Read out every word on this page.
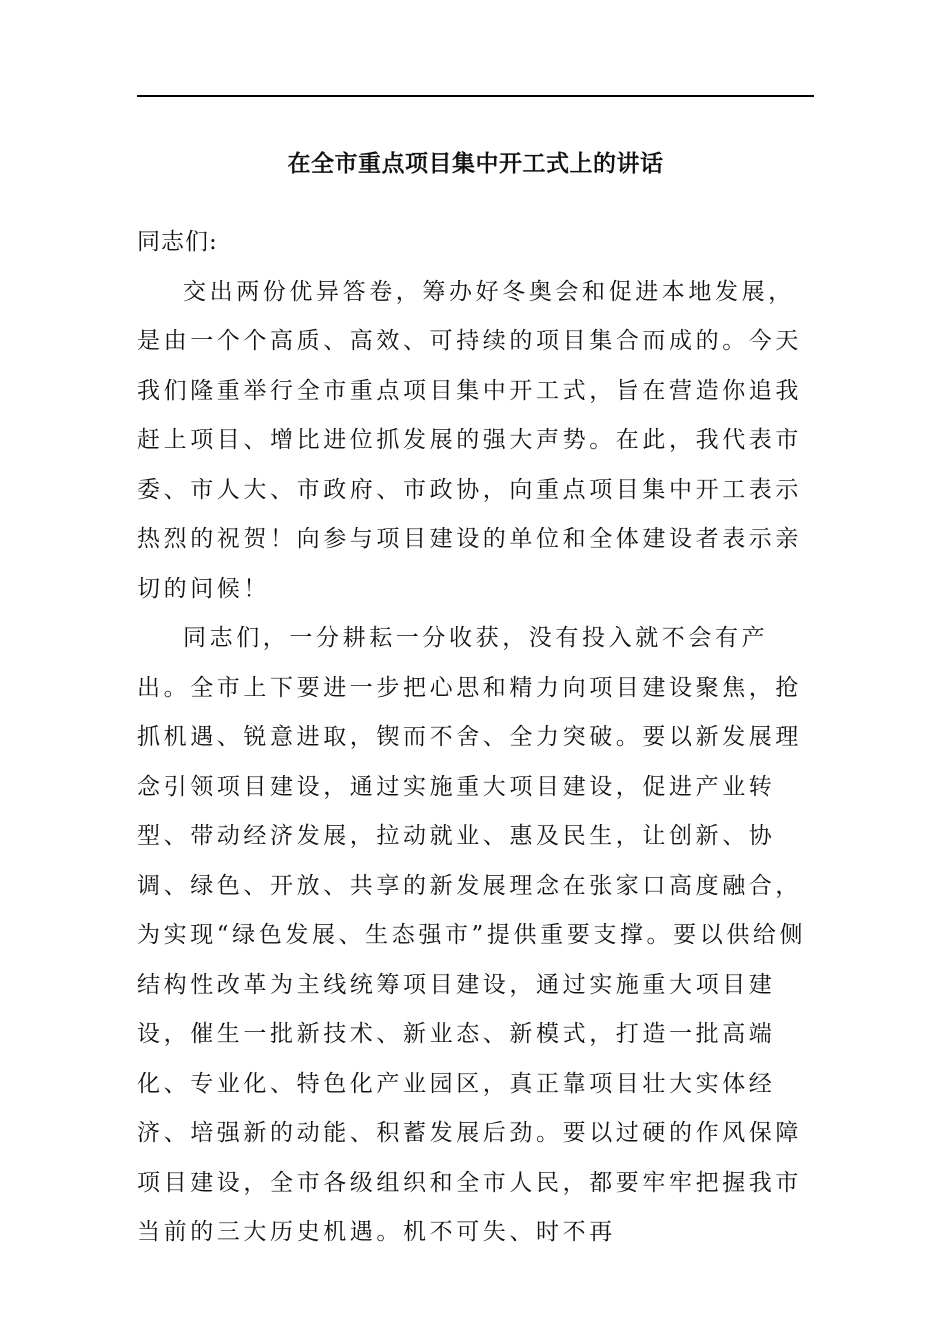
在全市重点项目集中开工式上的讲话

同志们:

交出两份优异答卷，筹办好冬奥会和促进本地发展，是由一个个高质、高效、可持续的项目集合而成的。今天我们隆重举行全市重点项目集中开工式，旨在营造你追我赶上项目、增比进位抓发展的强大声势。在此，我代表市委、市人大、市政府、市政协，向重点项目集中开工表示热烈的祝贺！向参与项目建设的单位和全体建设者表示亲切的问候！

同志们，一分耕耘一分收获，没有投入就不会有产出。全市上下要进一步把心思和精力向项目建设聚焦，抢抓机遇、锐意进取，锲而不舍、全力突破。要以新发展理念引领项目建设，通过实施重大项目建设，促进产业转型、带动经济发展，拉动就业、惠及民生，让创新、协调、绿色、开放、共享的新发展理念在张家口高度融合，为实现“绿色发展、生态强市”提供重要支撑。要以供给侧结构性改革为主线统筹项目建设，通过实施重大项目建设，催生一批新技术、新业态、新模式，打造一批高端化、专业化、特色化产业园区，真正靠项目壮大实体经济、培强新的动能、积蓄发展后劲。要以过硬的作风保障项目建设，全市各级组织和全市人民，都要牢牢把握我市当前的三大历史机遇。机不可失、时不再
